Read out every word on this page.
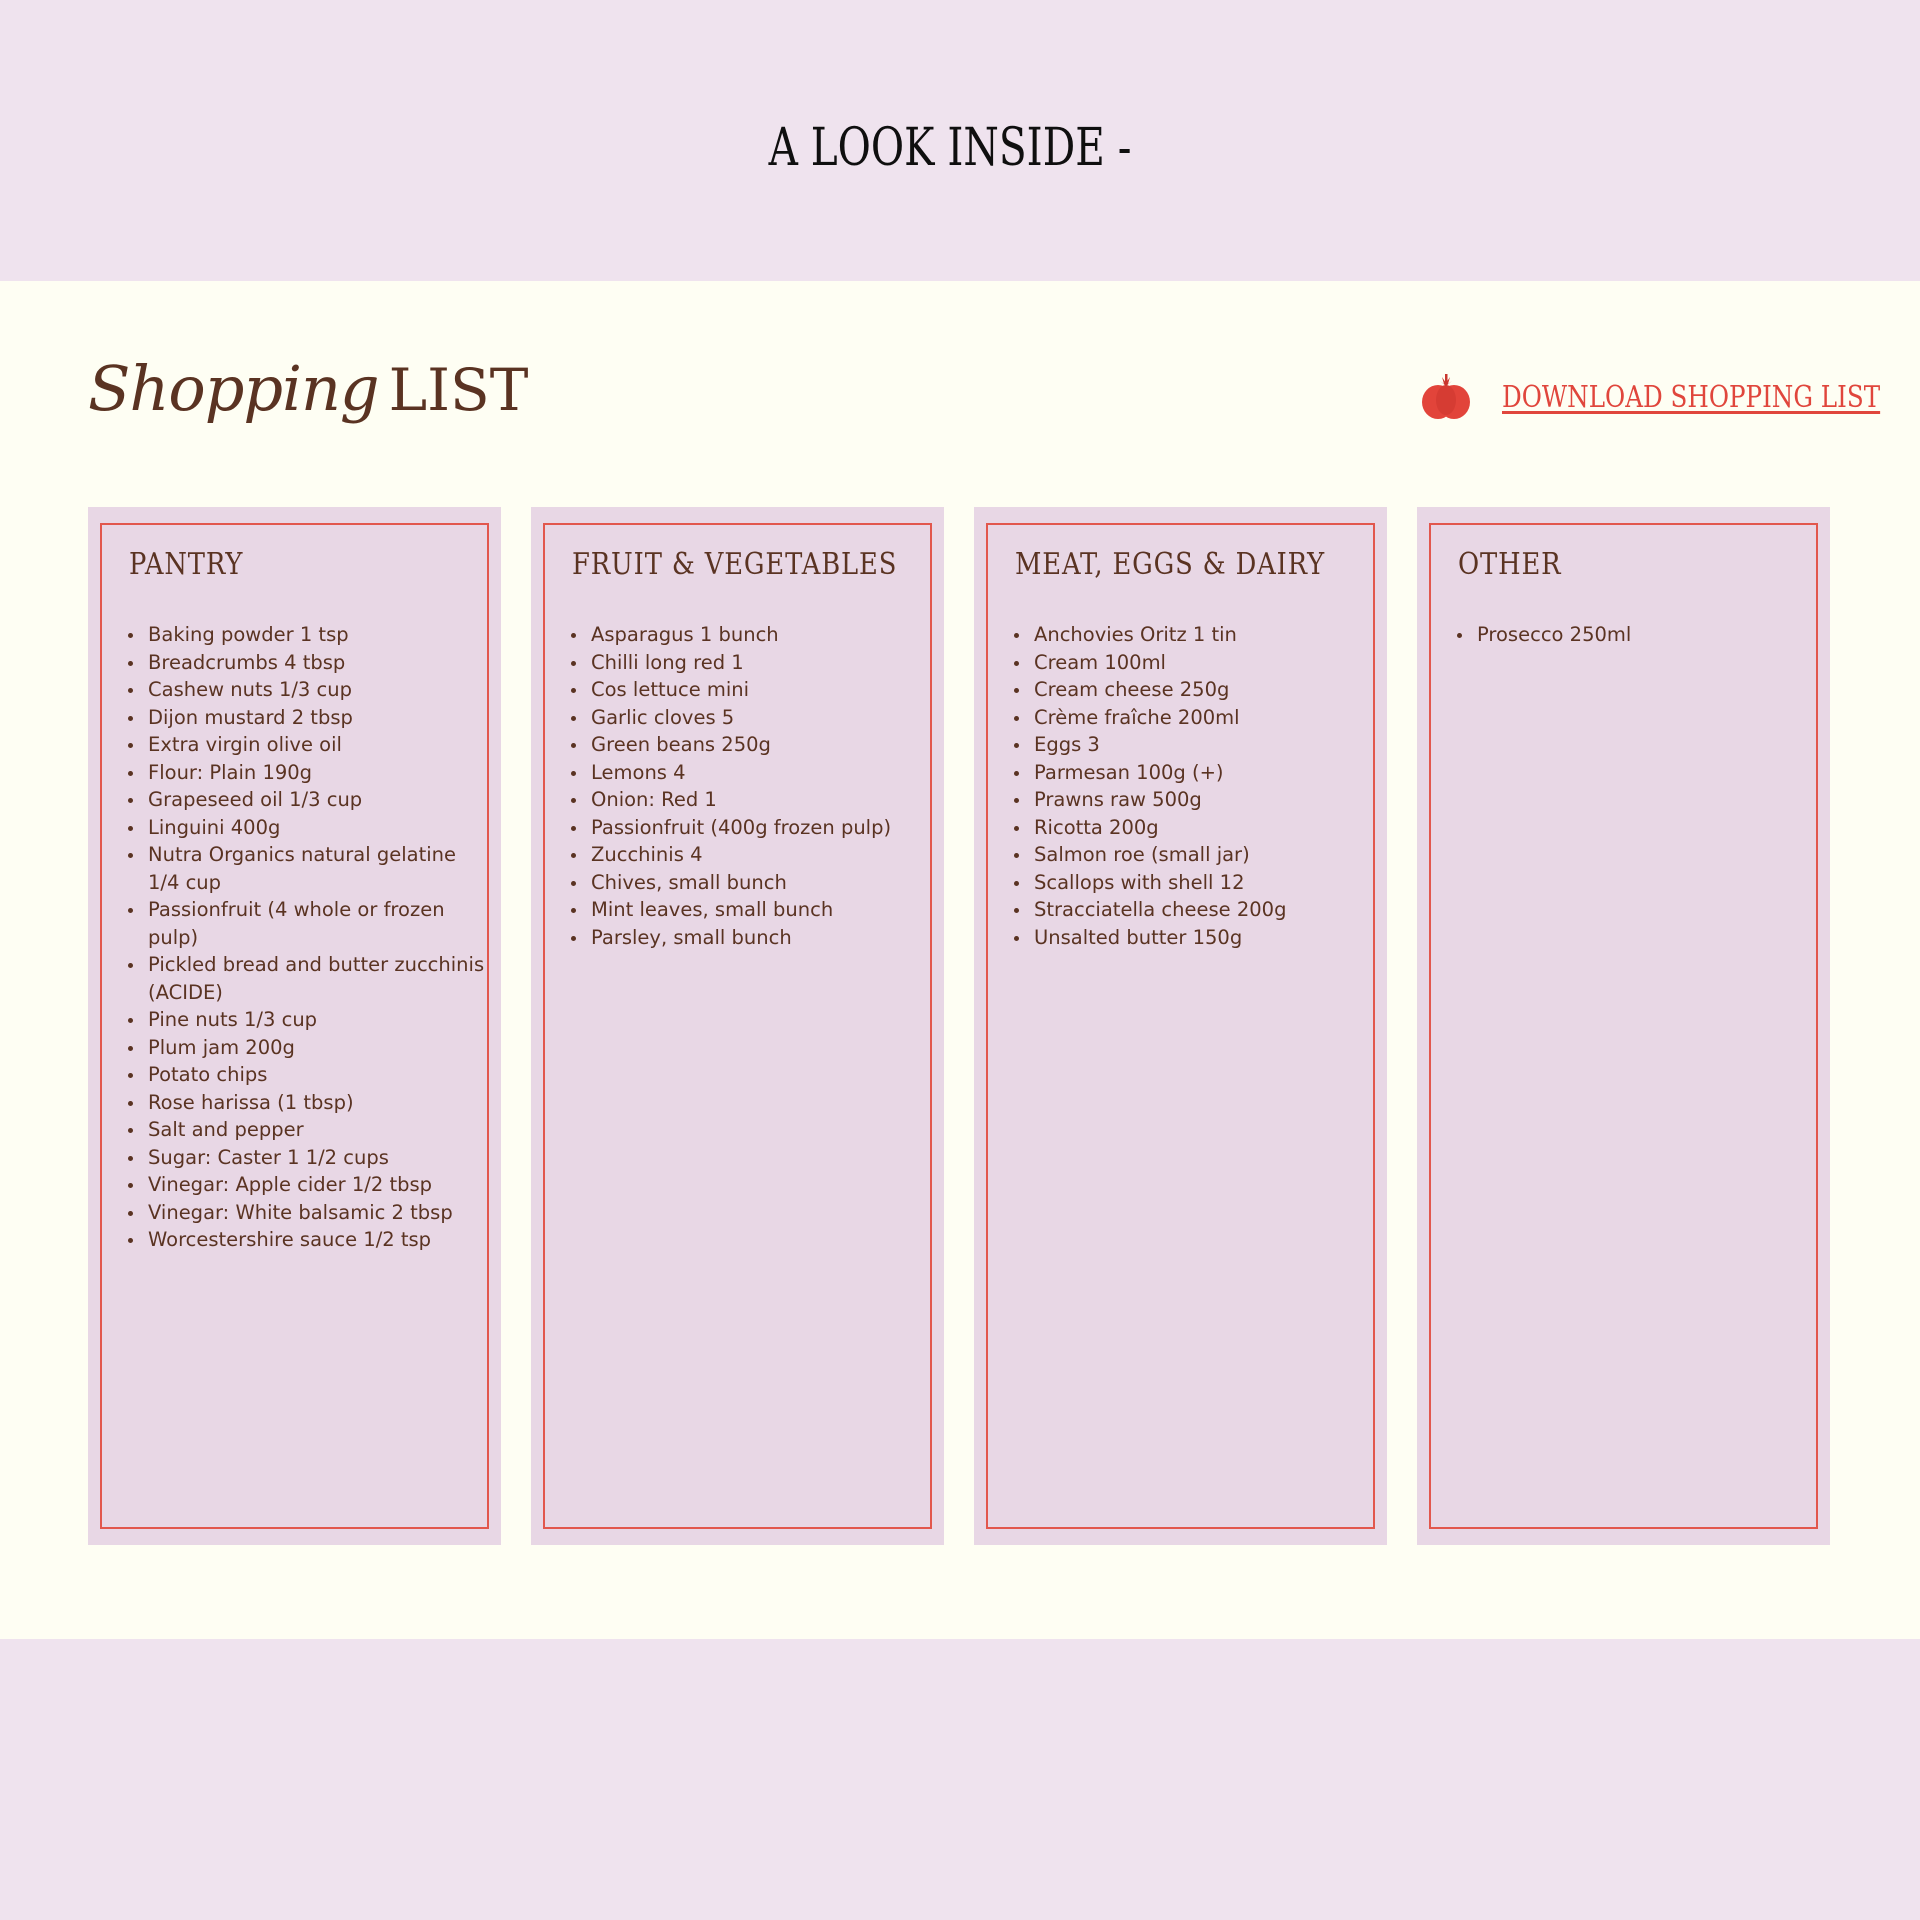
A LOOK INSIDE -
Shopping LIST	DOWNLOAD SHOPPING LIST
PANTRY
Baking powder 1 tsp
Breadcrumbs 4 tbsp
Cashew nuts 1/3 cup
Dijon mustard 2 tbsp
Extra virgin olive oil
Flour: Plain 190g
Grapeseed oil 1/3 cup
Linguini 400g
Nutra Organics natural gelatine 1/4 cup
Passionfruit (4 whole or frozen pulp)
Pickled bread and butter zucchinis (ACIDE)
Pine nuts 1/3 cup
Plum jam 200g
Potato chips
Rose harissa (1 tbsp)
Salt and pepper
Sugar: Caster 1 1/2 cups
Vinegar: Apple cider 1/2 tbsp
Vinegar: White balsamic 2 tbsp
Worcestershire sauce 1/2 tsp
FRUIT & VEGETABLES
Asparagus 1 bunch
Chilli long red 1
Cos lettuce mini
Garlic cloves 5
Green beans 250g
Lemons 4
Onion: Red 1
Passionfruit (400g frozen pulp)
Zucchinis 4
Chives, small bunch
Mint leaves, small bunch
Parsley, small bunch
MEAT, EGGS & DAIRY
Anchovies Oritz 1 tin
Cream 100ml
Cream cheese 250g
Crème fraîche 200ml
Eggs 3
Parmesan 100g (+)
Prawns raw 500g
Ricotta 200g
Salmon roe (small jar)
Scallops with shell 12
Stracciatella cheese 200g
Unsalted butter 150g
OTHER
Prosecco 250ml
